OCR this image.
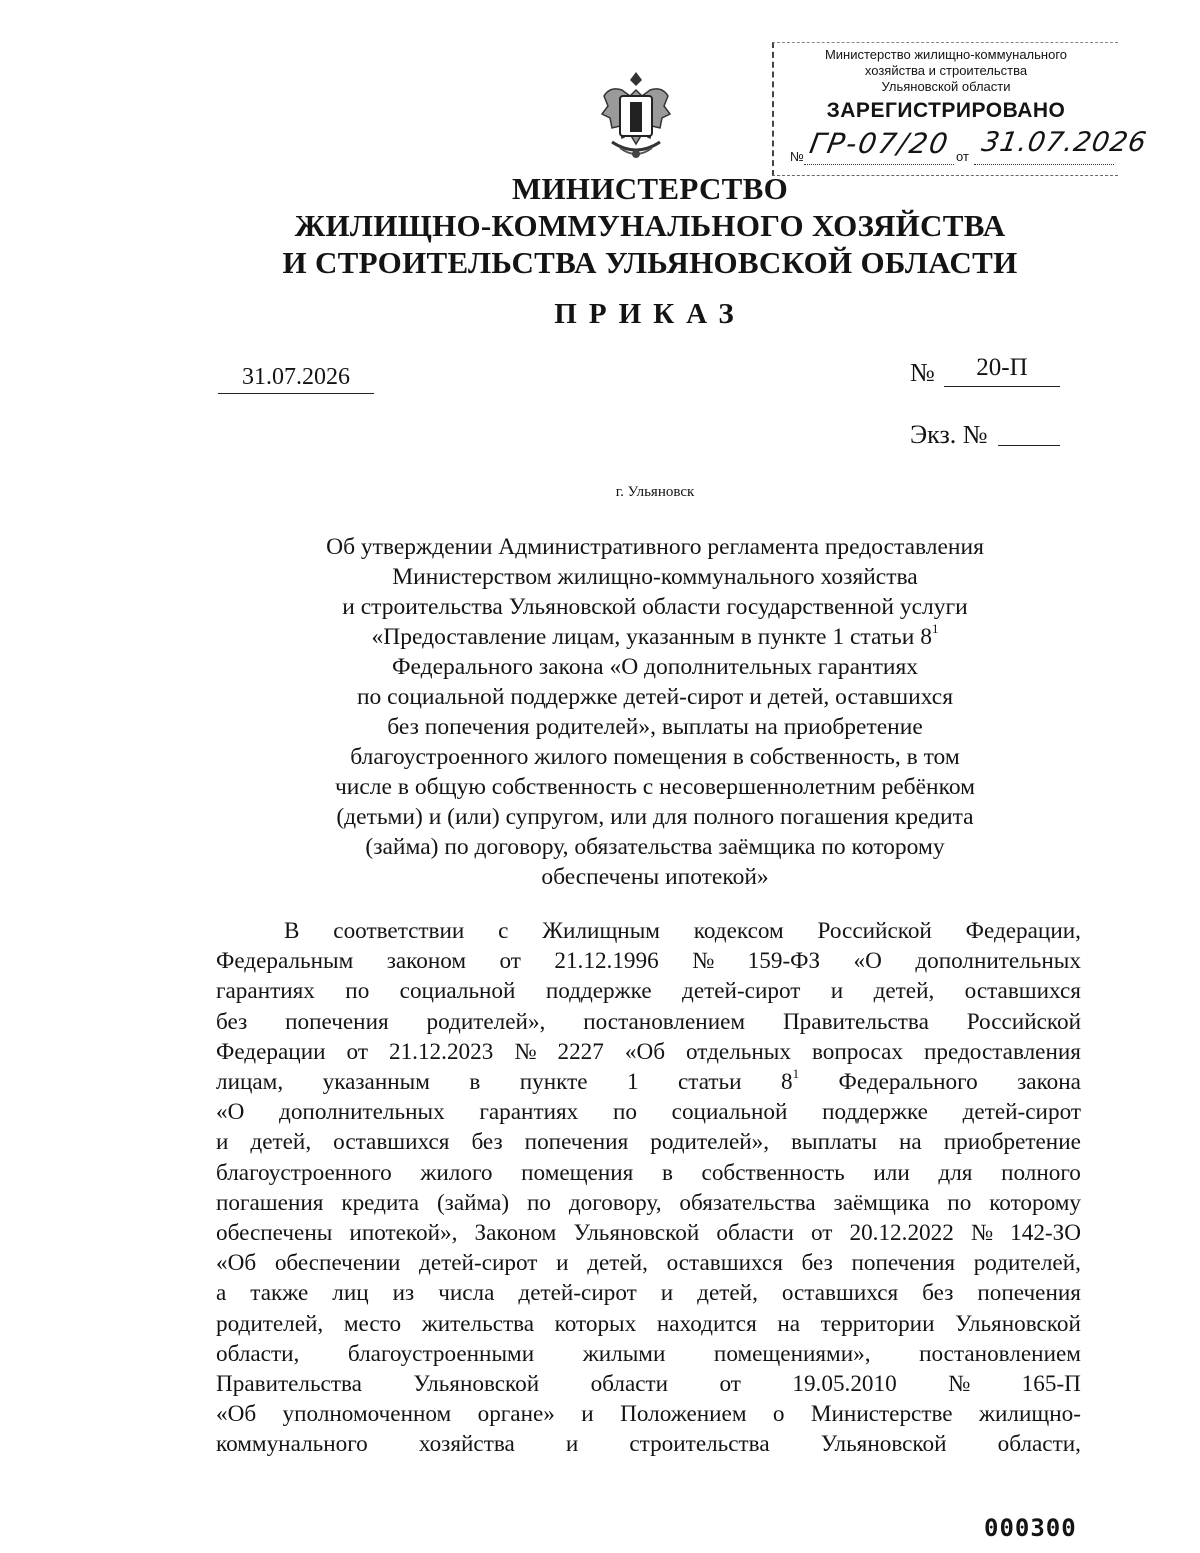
Министерство жилищно-коммунального
хозяйства и строительства
Ульяновской области
ЗАРЕГИСТРИРОВАНО
№ ГР-07/20 от 31.07.2026
МИНИСТЕРСТВО
ЖИЛИЩНО-КОММУНАЛЬНОГО ХОЗЯЙСТВА
И СТРОИТЕЛЬСТВА УЛЬЯНОВСКОЙ ОБЛАСТИ
ПРИКАЗ
31.07.2026	№	20-П
Экз. №
г. Ульяновск
Об утверждении Административного регламента предоставления
Министерством жилищно-коммунального хозяйства
и строительства Ульяновской области государственной услуги
«Предоставление лицам, указанным в пункте 1 статьи $8^1$
Федерального закона «О дополнительных гарантиях
по социальной поддержке детей-сирот и детей, оставшихся
без попечения родителей», выплаты на приобретение
благоустроенного жилого помещения в собственность, в том
числе в общую собственность с несовершеннолетним ребёнком
(детьми) и (или) супругом, или для полного погашения кредита
(займа) по договору, обязательства заёмщика по которому
обеспечены ипотекой»
В соответствии с Жилищным кодексом Российской Федерации,
Федеральным законом от 21.12.1996 № 159-ФЗ «О дополнительных
гарантиях по социальной поддержке детей-сирот и детей, оставшихся
без попечения родителей», постановлением Правительства Российской
Федерации от 21.12.2023 № 2227 «Об отдельных вопросах предоставления
лицам, указанным в пункте 1 статьи $8^1$ Федерального закона
«О дополнительных гарантиях по социальной поддержке детей-сирот
и детей, оставшихся без попечения родителей», выплаты на приобретение
благоустроенного жилого помещения в собственность или для полного
погашения кредита (займа) по договору, обязательства заёмщика по которому
обеспечены ипотекой», Законом Ульяновской области от 20.12.2022 № 142-ЗО
«Об обеспечении детей-сирот и детей, оставшихся без попечения родителей,
а также лиц из числа детей-сирот и детей, оставшихся без попечения
родителей, место жительства которых находится на территории Ульяновской
области, благоустроенными жилыми помещениями», постановлением
Правительства Ульяновской области от 19.05.2010 № 165-П
«Об уполномоченном органе» и Положением о Министерстве жилищно-
коммунального хозяйства и строительства Ульяновской области,
000300
